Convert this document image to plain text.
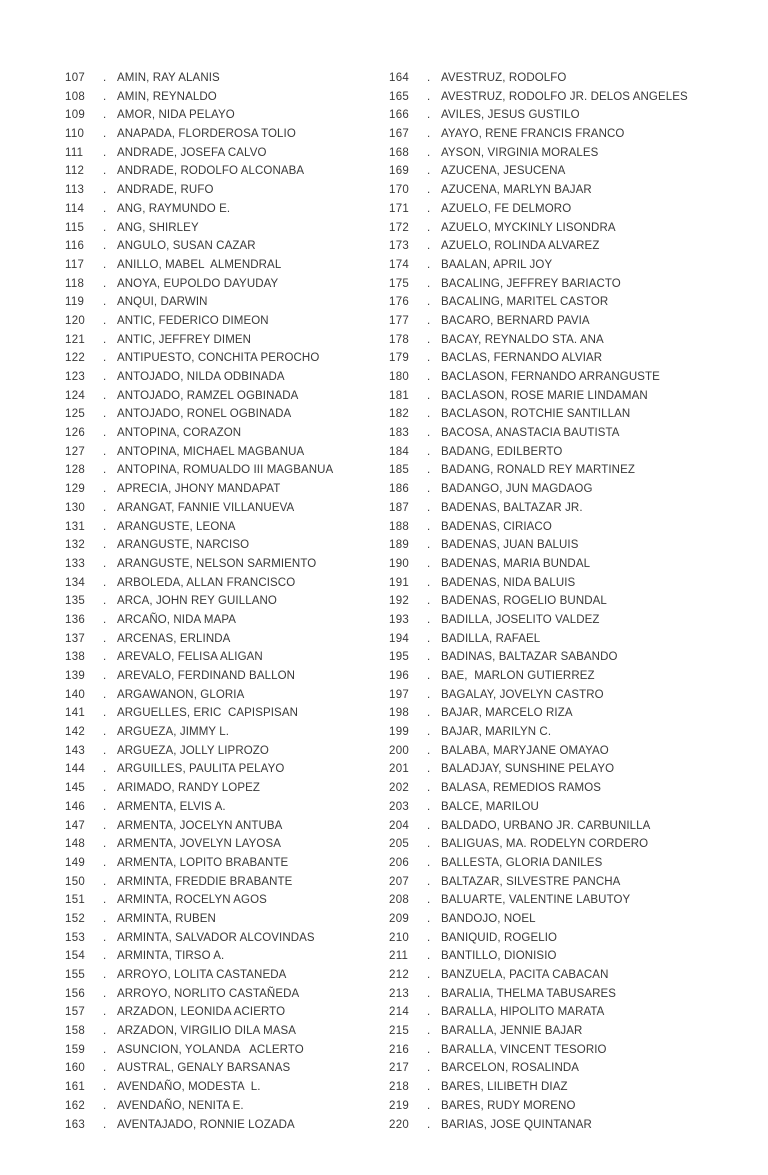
107	. AMIN, RAY ALANIS
108	. AMIN, REYNALDO
109	. AMOR, NIDA PELAYO
110	. ANAPADA, FLORDEROSA TOLIO
111	. ANDRADE, JOSEFA CALVO
112	. ANDRADE, RODOLFO ALCONABA
113	. ANDRADE, RUFO
114	. ANG, RAYMUNDO E.
115	. ANG, SHIRLEY
116	. ANGULO, SUSAN CAZAR
117	. ANILLO, MABEL  ALMENDRAL
118	. ANOYA, EUPOLDO DAYUDAY
119	. ANQUI, DARWIN
120	. ANTIC, FEDERICO DIMEON
121	. ANTIC, JEFFREY DIMEN
122	. ANTIPUESTO, CONCHITA PEROCHO
123	. ANTOJADO, NILDA ODBINADA
124	. ANTOJADO, RAMZEL OGBINADA
125	. ANTOJADO, RONEL OGBINADA
126	. ANTOPINA, CORAZON
127	. ANTOPINA, MICHAEL MAGBANUA
128	. ANTOPINA, ROMUALDO III MAGBANUA
129	. APRECIA, JHONY MANDAPAT
130	. ARANGAT, FANNIE VILLANUEVA
131	. ARANGUSTE, LEONA
132	. ARANGUSTE, NARCISO
133	. ARANGUSTE, NELSON SARMIENTO
134	. ARBOLEDA, ALLAN FRANCISCO
135	. ARCA, JOHN REY GUILLANO
136	. ARCAÑO, NIDA MAPA
137	. ARCENAS, ERLINDA
138	. AREVALO, FELISA ALIGAN
139	. AREVALO, FERDINAND BALLON
140	. ARGAWANON, GLORIA
141	. ARGUELLES, ERIC  CAPISPISAN
142	. ARGUEZA, JIMMY L.
143	. ARGUEZA, JOLLY LIPROZO
144	. ARGUILLES, PAULITA PELAYO
145	. ARIMADO, RANDY LOPEZ
146	. ARMENTA, ELVIS A.
147	. ARMENTA, JOCELYN ANTUBA
148	. ARMENTA, JOVELYN LAYOSA
149	. ARMENTA, LOPITO BRABANTE
150	. ARMINTA, FREDDIE BRABANTE
151	. ARMINTA, ROCELYN AGOS
152	. ARMINTA, RUBEN
153	. ARMINTA, SALVADOR ALCOVINDAS
154	. ARMINTA, TIRSO A.
155	. ARROYO, LOLITA CASTANEDA
156	. ARROYO, NORLITO CASTAÑEDA
157	. ARZADON, LEONIDA ACIERTO
158	. ARZADON, VIRGILIO DILA MASA
159	. ASUNCION, YOLANDA   ACLERTO
160	. AUSTRAL, GENALY BARSANAS
161	. AVENDAÑO, MODESTA  L.
162	. AVENDAÑO, NENITA E.
163	. AVENTAJADO, RONNIE LOZADA
164	. AVESTRUZ, RODOLFO
165	. AVESTRUZ, RODOLFO JR. DELOS ANGELES
166	. AVILES, JESUS GUSTILO
167	. AYAYO, RENE FRANCIS FRANCO
168	. AYSON, VIRGINIA MORALES
169	. AZUCENA, JESUCENA
170	. AZUCENA, MARLYN BAJAR
171	. AZUELO, FE DELMORO
172	. AZUELO, MYCKINLY LISONDRA
173	. AZUELO, ROLINDA ALVAREZ
174	. BAALAN, APRIL JOY
175	. BACALING, JEFFREY BARIACTO
176	. BACALING, MARITEL CASTOR
177	. BACARO, BERNARD PAVIA
178	. BACAY, REYNALDO STA. ANA
179	. BACLAS, FERNANDO ALVIAR
180	. BACLASON, FERNANDO ARRANGUSTE
181	. BACLASON, ROSE MARIE LINDAMAN
182	. BACLASON, ROTCHIE SANTILLAN
183	. BACOSA, ANASTACIA BAUTISTA
184	. BADANG, EDILBERTO
185	. BADANG, RONALD REY MARTINEZ
186	. BADANGO, JUN MAGDAOG
187	. BADENAS, BALTAZAR JR.
188	. BADENAS, CIRIACO
189	. BADENAS, JUAN BALUIS
190	. BADENAS, MARIA BUNDAL
191	. BADENAS, NIDA BALUIS
192	. BADENAS, ROGELIO BUNDAL
193	. BADILLA, JOSELITO VALDEZ
194	. BADILLA, RAFAEL
195	. BADINAS, BALTAZAR SABANDO
196	. BAE,  MARLON GUTIERREZ
197	. BAGALAY, JOVELYN CASTRO
198	. BAJAR, MARCELO RIZA
199	. BAJAR, MARILYN C.
200	. BALABA, MARYJANE OMAYAO
201	. BALADJAY, SUNSHINE PELAYO
202	. BALASA, REMEDIOS RAMOS
203	. BALCE, MARILOU
204	. BALDADO, URBANO JR. CARBUNILLA
205	. BALIGUAS, MA. RODELYN CORDERO
206	. BALLESTA, GLORIA DANILES
207	. BALTAZAR, SILVESTRE PANCHA
208	. BALUARTE, VALENTINE LABUTOY
209	. BANDOJO, NOEL
210	. BANIQUID, ROGELIO
211	. BANTILLO, DIONISIO
212	. BANZUELA, PACITA CABACAN
213	. BARALIA, THELMA TABUSARES
214	. BARALLA, HIPOLITO MARATA
215	. BARALLA, JENNIE BAJAR
216	. BARALLA, VINCENT TESORIO
217	. BARCELON, ROSALINDA
218	. BARES, LILIBETH DIAZ
219	. BARES, RUDY MORENO
220	. BARIAS, JOSE QUINTANAR
